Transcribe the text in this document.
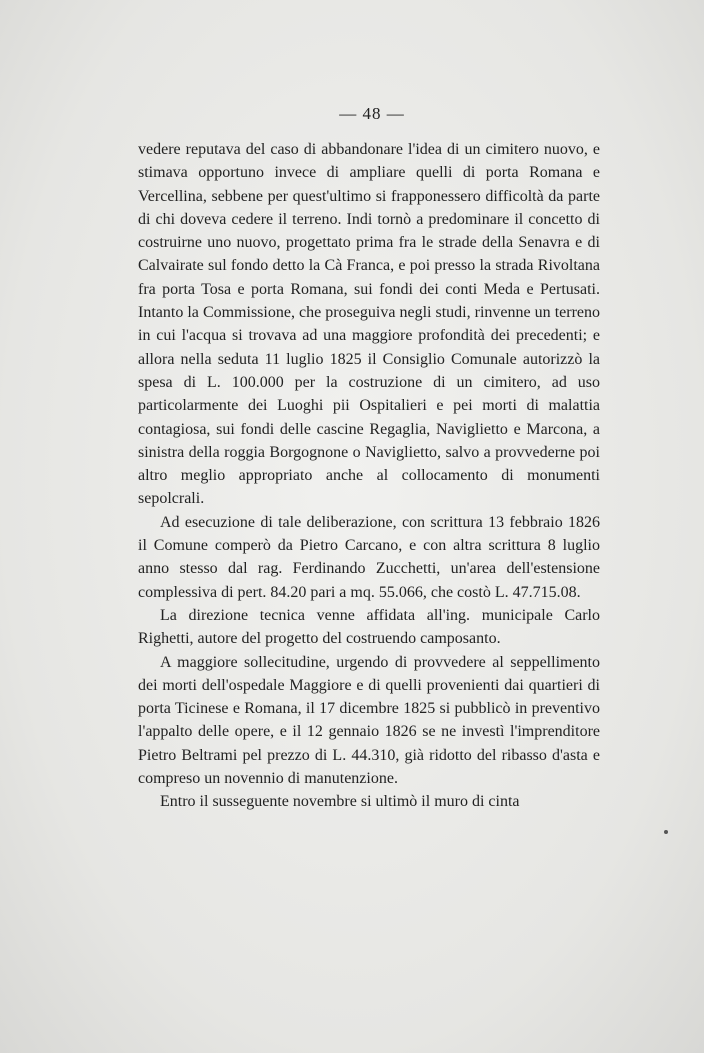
— 48 —

vedere reputava del caso di abbandonare l'idea di un cimitero nuovo, e stimava opportuno invece di ampliare quelli di porta Romana e Vercellina, sebbene per quest'ultimo si frapponessero difficoltà da parte di chi doveva cedere il terreno. Indi tornò a predominare il concetto di costruirne uno nuovo, progettato prima fra le strade della Senavra e di Calvairate sul fondo detto la Cà Franca, e poi presso la strada Rivoltana fra porta Tosa e porta Romana, sui fondi dei conti Meda e Pertusati. Intanto la Commissione, che proseguiva negli studi, rinvenne un terreno in cui l'acqua si trovava ad una maggiore profondità dei precedenti; e allora nella seduta 11 luglio 1825 il Consiglio Comunale autorizzò la spesa di L. 100.000 per la costruzione di un cimitero, ad uso particolarmente dei Luoghi pii Ospitalieri e pei morti di malattia contagiosa, sui fondi delle cascine Regaglia, Naviglietto e Marcona, a sinistra della roggia Borgognone o Naviglietto, salvo a provvederne poi altro meglio appropriato anche al collocamento di monumenti sepolcrali.

Ad esecuzione di tale deliberazione, con scrittura 13 febbraio 1826 il Comune comperò da Pietro Carcano, e con altra scrittura 8 luglio anno stesso dal rag. Ferdinando Zucchetti, un'area dell'estensione complessiva di pert. 84.20 pari a mq. 55.066, che costò L. 47.715.08.

La direzione tecnica venne affidata all'ing. municipale Carlo Righetti, autore del progetto del costruendo camposanto.

A maggiore sollecitudine, urgendo di provvedere al seppellimento dei morti dell'ospedale Maggiore e di quelli provenienti dai quartieri di porta Ticinese e Romana, il 17 dicembre 1825 si pubblicò in preventivo l'appalto delle opere, e il 12 gennaio 1826 se ne investì l'imprenditore Pietro Beltrami pel prezzo di L. 44.310, già ridotto del ribasso d'asta e compreso un novennio di manutenzione.

Entro il susseguente novembre si ultimò il muro di cinta
